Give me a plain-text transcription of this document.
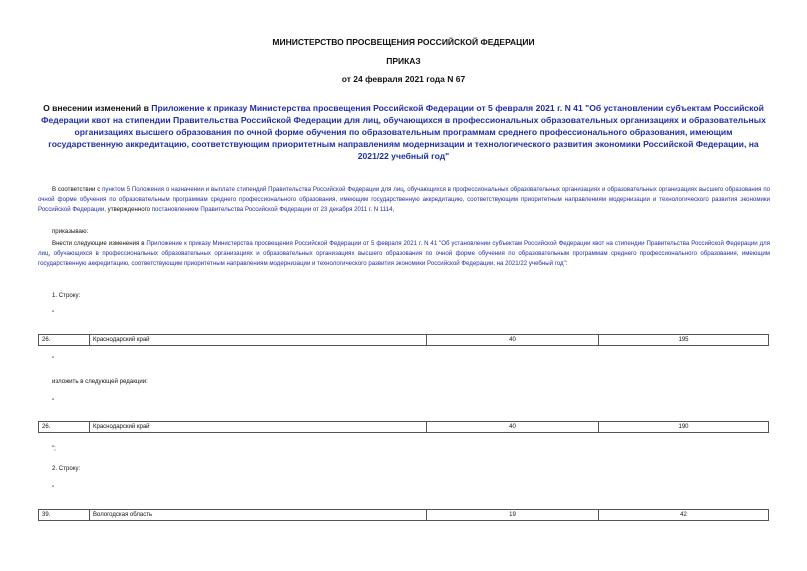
МИНИСТЕРСТВО ПРОСВЕЩЕНИЯ РОССИЙСКОЙ ФЕДЕРАЦИИ
ПРИКАЗ
от 24 февраля 2021 года N 67
О внесении изменений в Приложение к приказу Министерства просвещения Российской Федерации от 5 февраля 2021 г. N 41 "Об установлении субъектам Российской Федерации квот на стипендии Правительства Российской Федерации для лиц, обучающихся в профессиональных образовательных организациях и образовательных организациях высшего образования по очной форме обучения по образовательным программам среднего профессионального образования, имеющим государственную аккредитацию, соответствующим приоритетным направлениям модернизации и технологического развития экономики Российской Федерации, на 2021/22 учебный год"
В соответствии с пунктом 5 Положения о назначении и выплате стипендий Правительства Российской Федерации для лиц, обучающихся в профессиональных образовательных организациях и образовательных организациях высшего образования по очной форме обучения по образовательным программам среднего профессионального образования, имеющим государственную аккредитацию, соответствующим приоритетным направлениям модернизации и технологического развития экономики Российской Федерации, утвержденного постановлением Правительства Российской Федерации от 23 декабря 2011 г. N 1114,
приказываю:
Внести следующие изменения в Приложение к приказу Министерства просвещения Российской Федерации от 5 февраля 2021 г. N 41 "Об установлении субъектам Российской Федерации квот на стипендии Правительства Российской Федерации для лиц, обучающихся в профессиональных образовательных организациях и образовательных организациях высшего образования по очной форме обучения по образовательным программам среднего профессионального образования, имеющим государственную аккредитацию, соответствующим приоритетным направлениям модернизации и технологического развития экономики Российской Федерации, на 2021/22 учебный год":
1. Строку:
"
26.	Краснодарский край	40	195
"
изложить в следующей редакции:
"
26.	Краснодарский край	40	190
";
2. Строку:
"
39.	Вологодская область	19	42
